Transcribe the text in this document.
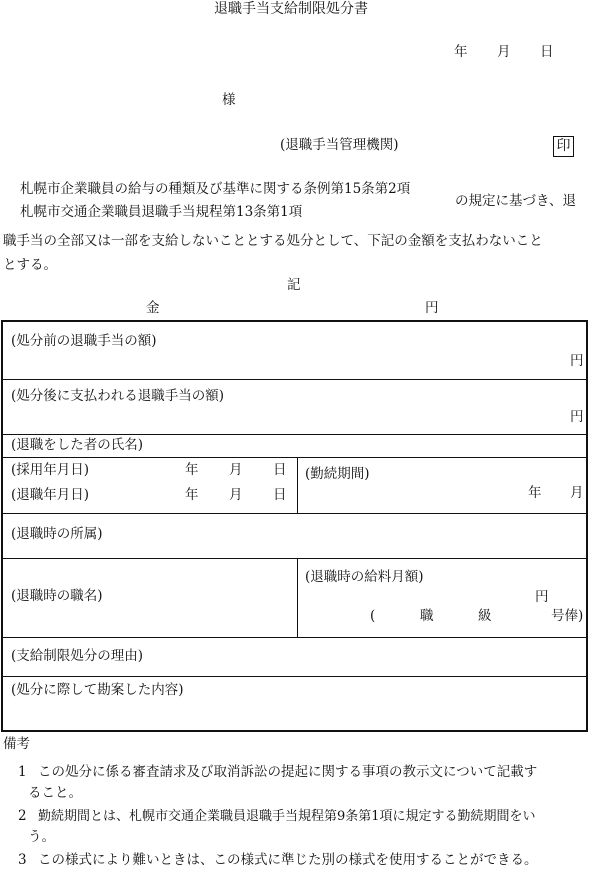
退職手当支給制限処分書
年 月 日
様
(退職手当管理機関)	印
札幌市企業職員の給与の種類及び基準に関する条例第15条第2項
札幌市交通企業職員退職手当規程第13条第1項
の規定に基づき、退
職手当の全部又は一部を支給しないこととする処分として、下記の金額を支払わないこと
とする。
記
金	円
(処分前の退職手当の額)
円
(処分後に支払われる退職手当の額)
円
(退職をした者の氏名)
(採用年月日)	年 月 日
(退職年月日)	年 月 日
(勤続期間)
年 月
(退職時の所属)
(退職時の職名)
(退職時の給料月額)
円
(	職	級	号俸)
(支給制限処分の理由)
(処分に際して勘案した内容)
備考
1 この処分に係る審査請求及び取消訴訟の提起に関する事項の教示文について記載す
ること。
2 勤続期間とは、札幌市交通企業職員退職手当規程第9条第1項に規定する勤続期間をい
う。
3 この様式により難いときは、この様式に準じた別の様式を使用することができる。
